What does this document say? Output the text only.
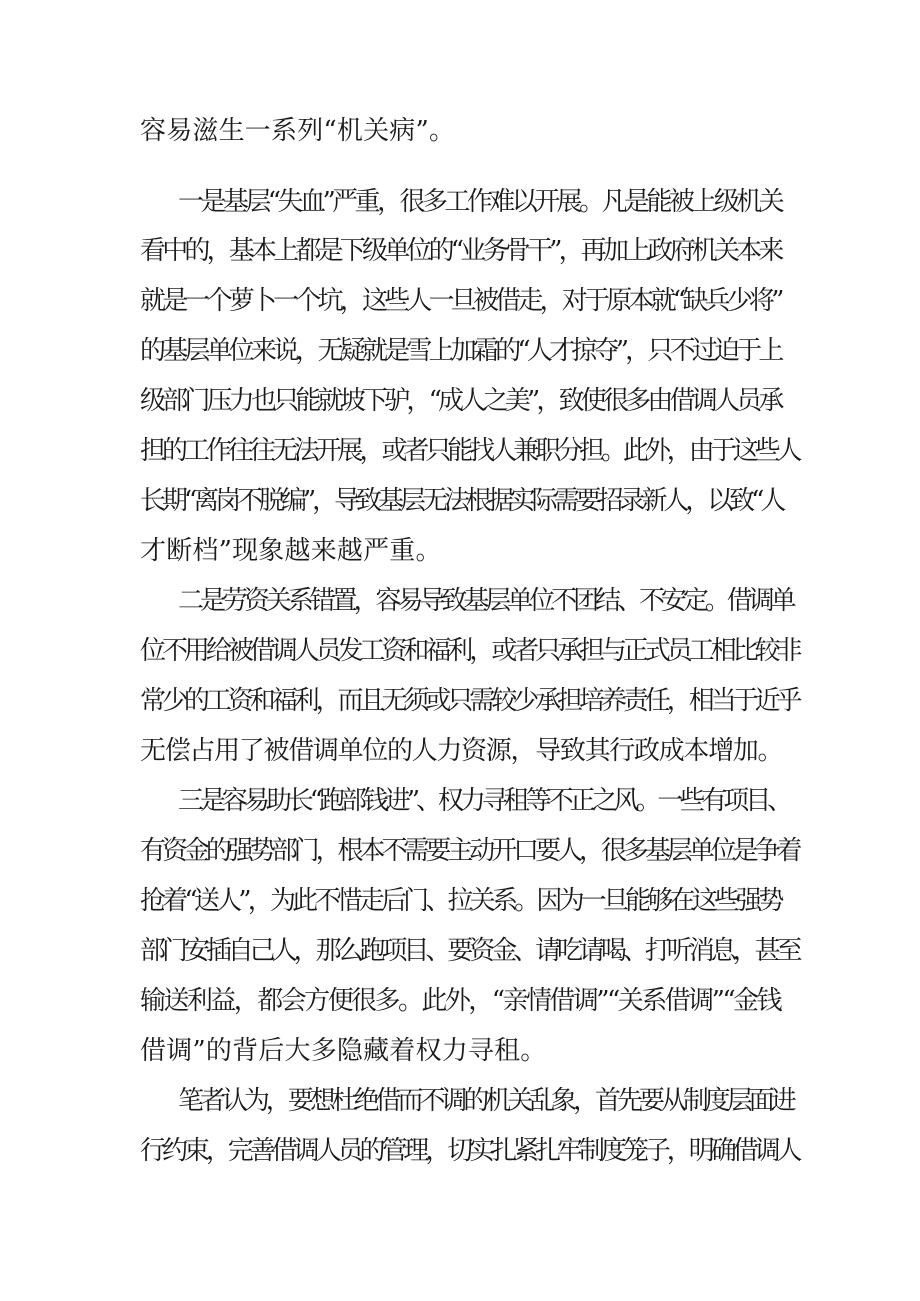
容易滋生一系列“机关病”。
一是基层“失血”严重，很多工作难以开展。凡是能被上级机关
看中的，基本上都是下级单位的“业务骨干”，再加上政府机关本来
就是一个萝卜一个坑，这些人一旦被借走，对于原本就“缺兵少将”
的基层单位来说，无疑就是雪上加霜的“人才掠夺”，只不过迫于上
级部门压力也只能就坡下驴，“成人之美”，致使很多由借调人员承
担的工作往往无法开展，或者只能找人兼职分担。此外，由于这些人
长期“离岗不脱编”，导致基层无法根据实际需要招录新人，以致“人
才断档”现象越来越严重。
二是劳资关系错置，容易导致基层单位不团结、不安定。借调单
位不用给被借调人员发工资和福利，或者只承担与正式员工相比较非
常少的工资和福利，而且无须或只需较少承担培养责任，相当于近乎
无偿占用了被借调单位的人力资源，导致其行政成本增加。
三是容易助长“跑部钱进”、权力寻租等不正之风。一些有项目、
有资金的强势部门，根本不需要主动开口要人，很多基层单位是争着
抢着“送人”，为此不惜走后门、拉关系。因为一旦能够在这些强势
部门安插自己人，那么跑项目、要资金、请吃请喝、打听消息，甚至
输送利益，都会方便很多。此外，“亲情借调”“关系借调”“金钱
借调”的背后大多隐藏着权力寻租。
笔者认为，要想杜绝借而不调的机关乱象，首先要从制度层面进
行约束，完善借调人员的管理，切实扎紧扎牢制度笼子，明确借调人
